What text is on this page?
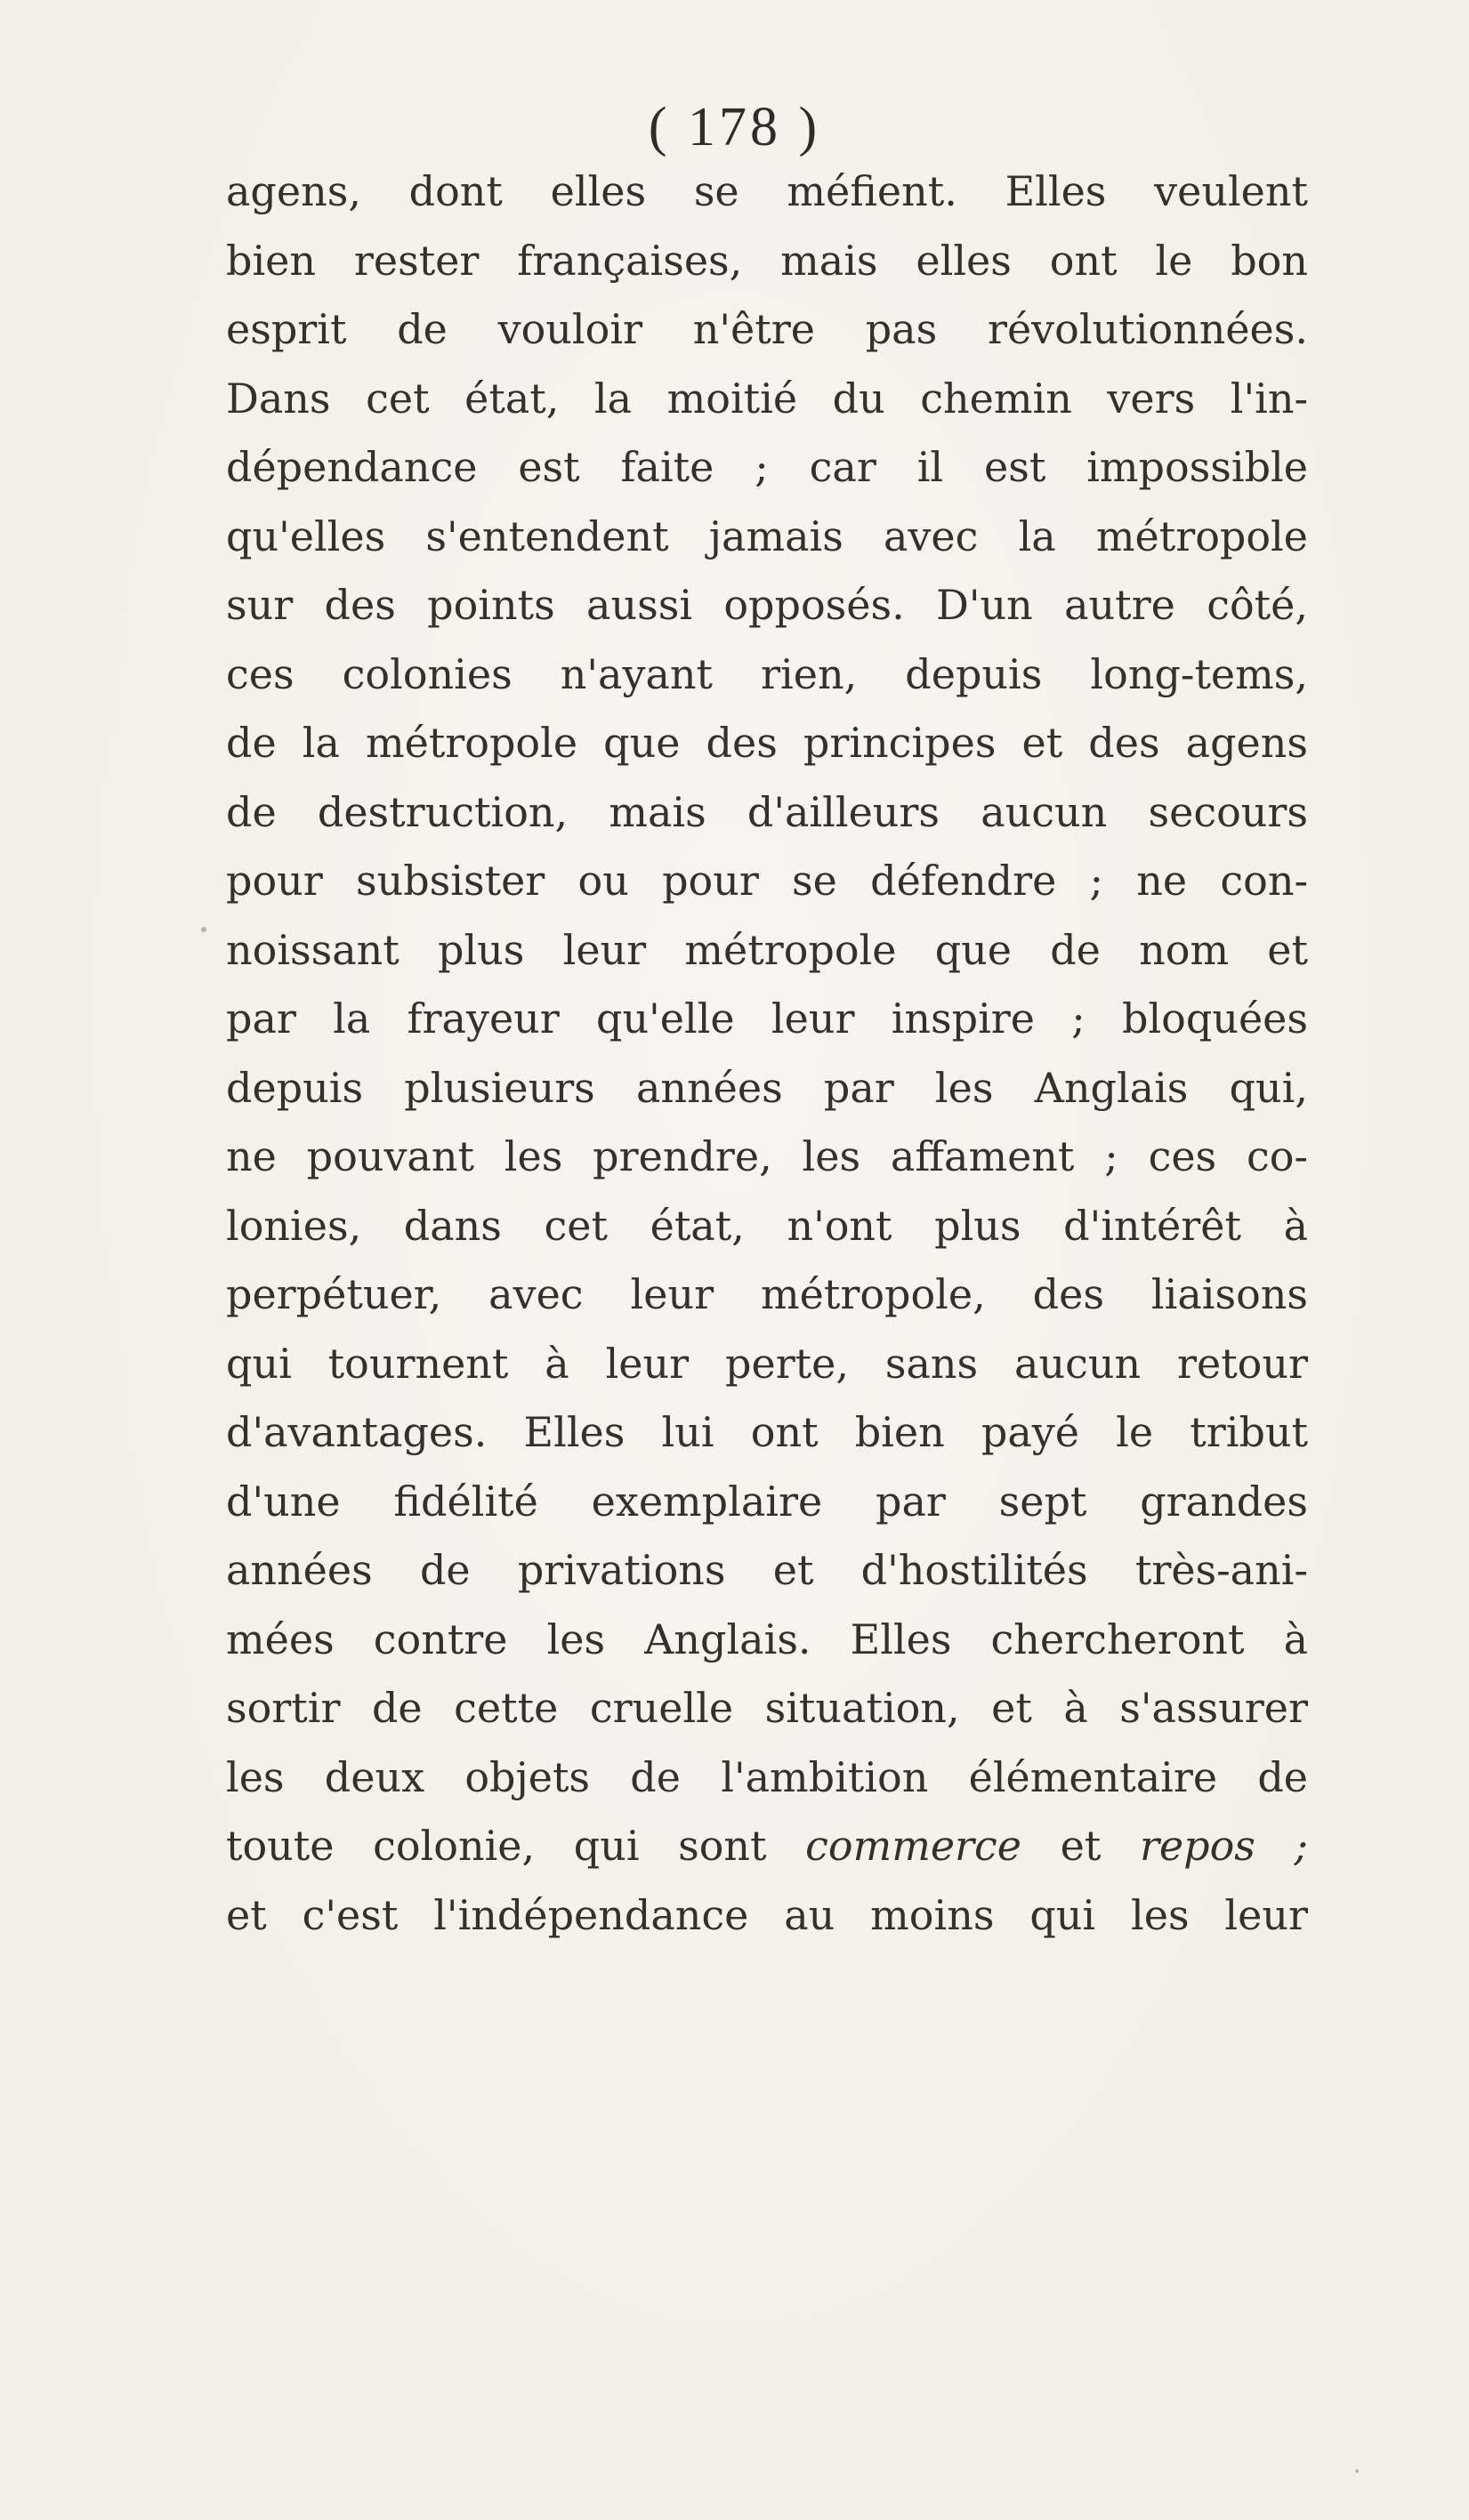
( 178 )
agens, dont elles se méfient. Elles veulent
bien rester françaises, mais elles ont le bon
esprit de vouloir n'être pas révolutionnées.
Dans cet état, la moitié du chemin vers l'in-
dépendance est faite ; car il est impossible
qu'elles s'entendent jamais avec la métropole
sur des points aussi opposés. D'un autre côté,
ces colonies n'ayant rien, depuis long-tems,
de la métropole que des principes et des agens
de destruction, mais d'ailleurs aucun secours
pour subsister ou pour se défendre ; ne con-
noissant plus leur métropole que de nom et
par la frayeur qu'elle leur inspire ; bloquées
depuis plusieurs années par les Anglais qui,
ne pouvant les prendre, les affament ; ces co-
lonies, dans cet état, n'ont plus d'intérêt à
perpétuer, avec leur métropole, des liaisons
qui tournent à leur perte, sans aucun retour
d'avantages. Elles lui ont bien payé le tribut
d'une fidélité exemplaire par sept grandes
années de privations et d'hostilités très-ani-
mées contre les Anglais. Elles chercheront à
sortir de cette cruelle situation, et à s'assurer
les deux objets de l'ambition élémentaire de
toute colonie, qui sont commerce et repos ;
et c'est l'indépendance au moins qui les leur
